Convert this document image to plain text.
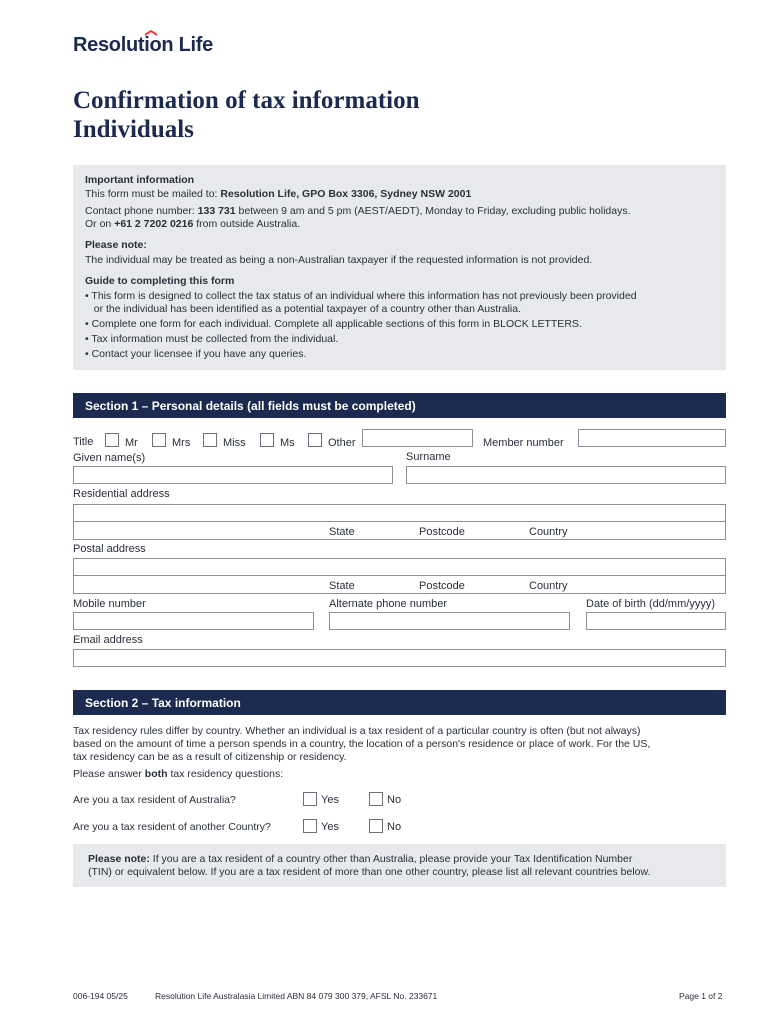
Resolution Life
Confirmation of tax information
Individuals
Important information
This form must be mailed to: Resolution Life, GPO Box 3306, Sydney NSW 2001
Contact phone number: 133 731 between 9 am and 5 pm (AEST/AEDT), Monday to Friday, excluding public holidays.
Or on +61 2 7202 0216 from outside Australia.
Please note:
The individual may be treated as being a non-Australian taxpayer if the requested information is not provided.
Guide to completing this form
• This form is designed to collect the tax status of an individual where this information has not previously been provided
or the individual has been identified as a potential taxpayer of a country other than Australia.
• Complete one form for each individual. Complete all applicable sections of this form in BLOCK LETTERS.
• Tax information must be collected from the individual.
• Contact your licensee if you have any queries.
Section 1 – Personal details (all fields must be completed)
Title	Mr	Mrs	Miss	Ms	Other	Member number
Given name(s)	Surname
Residential address
State	Postcode	Country
Postal address
State	Postcode	Country
Mobile number	Alternate phone number	Date of birth (dd/mm/yyyy)
Email address
Section 2 – Tax information
Tax residency rules differ by country. Whether an individual is a tax resident of a particular country is often (but not always)
based on the amount of time a person spends in a country, the location of a person's residence or place of work. For the US,
tax residency can be as a result of citizenship or residency.
Please answer both tax residency questions:
Are you a tax resident of Australia?	Yes	No
Are you a tax resident of another Country?	Yes	No
Please note: If you are a tax resident of a country other than Australia, please provide your Tax Identification Number
(TIN) or equivalent below. If you are a tax resident of more than one other country, please list all relevant countries below.
006-194 05/25	Resolution Life Australasia Limited ABN 84 079 300 379, AFSL No. 233671	Page 1 of 2
